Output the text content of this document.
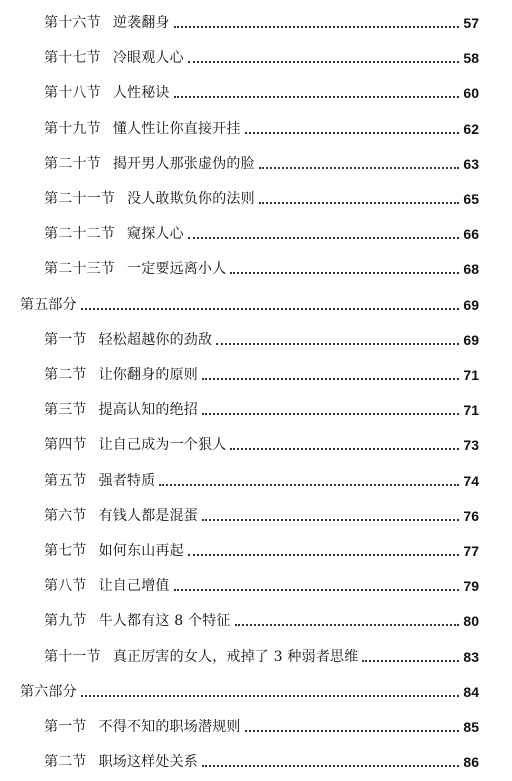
第十六节 逆袭翻身	57
第十七节 冷眼观人心	58
第十八节 人性秘诀	60
第十九节 懂人性让你直接开挂	62
第二十节 揭开男人那张虚伪的脸	63
第二十一节 没人敢欺负你的法则	65
第二十二节 窥探人心	66
第二十三节 一定要远离小人	68
第五部分	69
第一节 轻松超越你的劲敌	69
第二节 让你翻身的原则	71
第三节 提高认知的绝招	71
第四节 让自己成为一个狠人	73
第五节 强者特质	74
第六节 有钱人都是混蛋	76
第七节 如何东山再起	77
第八节 让自己增值	79
第九节 牛人都有这 8 个特征	80
第十一节 真正厉害的女人，戒掉了 3 种弱者思维	83
第六部分	84
第一节 不得不知的职场潜规则	85
第二节 职场这样处关系	86
